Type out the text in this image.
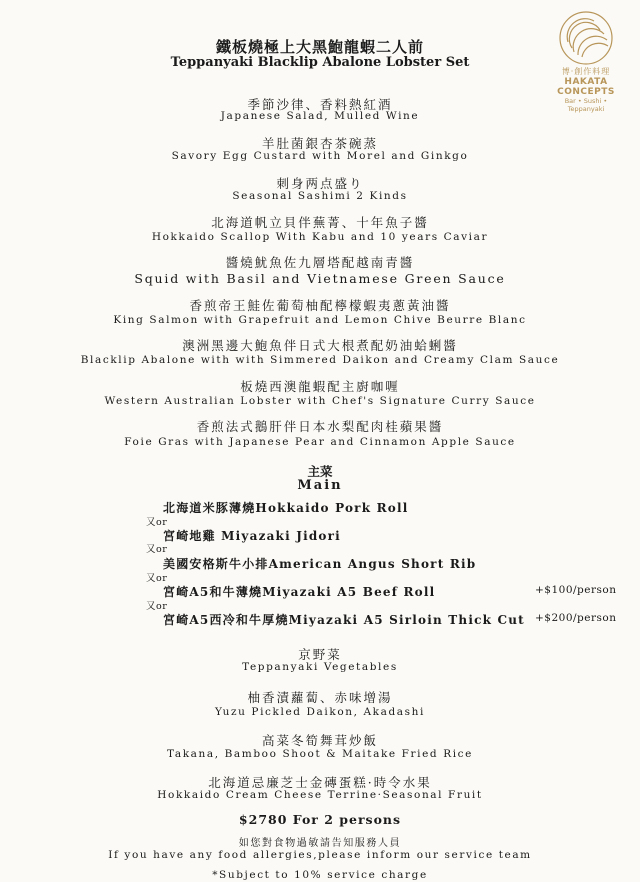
博·創作料理
HAKATA CONCEPTS
Bar • Sushi • Teppanyaki
鐵板燒極上大黑鮑龍蝦二人前
Teppanyaki Blacklip Abalone Lobster Set
季節沙律、香料熱紅酒
Japanese Salad, Mulled Wine
羊肚菌銀杏茶碗蒸
Savory Egg Custard with Morel and Ginkgo
刺身两点盛り
Seasonal Sashimi 2 Kinds
北海道帆立貝伴蕪菁、十年魚子醬
Hokkaido Scallop With Kabu and 10 years Caviar
醬燒魷魚佐九層塔配越南青醬
Squid with Basil and Vietnamese Green Sauce
香煎帝王鮭佐葡萄柚配檸檬蝦夷蔥黃油醬
King Salmon with Grapefruit and Lemon Chive Beurre Blanc
澳洲黑邊大鮑魚伴日式大根煮配奶油蛤蜊醬
Blacklip Abalone with with Simmered Daikon and Creamy Clam Sauce
板燒西澳龍蝦配主廚咖喱
Western Australian Lobster with Chef's Signature Curry Sauce
香煎法式鵝肝伴日本水梨配肉桂蘋果醬
Foie Gras with Japanese Pear and Cinnamon Apple Sauce
主菜
Main
北海道米豚薄燒Hokkaido Pork Roll
又or
宮崎地雞 Miyazaki Jidori
又or
美國安格斯牛小排American Angus Short Rib
又or
宮崎A5和牛薄燒Miyazaki A5 Beef Roll	+$100/person
又or
宮崎A5西冷和牛厚燒Miyazaki A5 Sirloin Thick Cut +$200/person
京野菜
Teppanyaki Vegetables
柚香漬蘿蔔、赤味增湯
Yuzu Pickled Daikon, Akadashi
高菜冬筍舞茸炒飯
Takana, Bamboo Shoot & Maitake Fried Rice
北海道忌廉芝士金磚蛋糕·時令水果
Hokkaido Cream Cheese Terrine·Seasonal Fruit
$2780 For 2 persons
如您對食物過敏請告知服務人員
If you have any food allergies,please inform our service team
*Subject to 10% service charge
